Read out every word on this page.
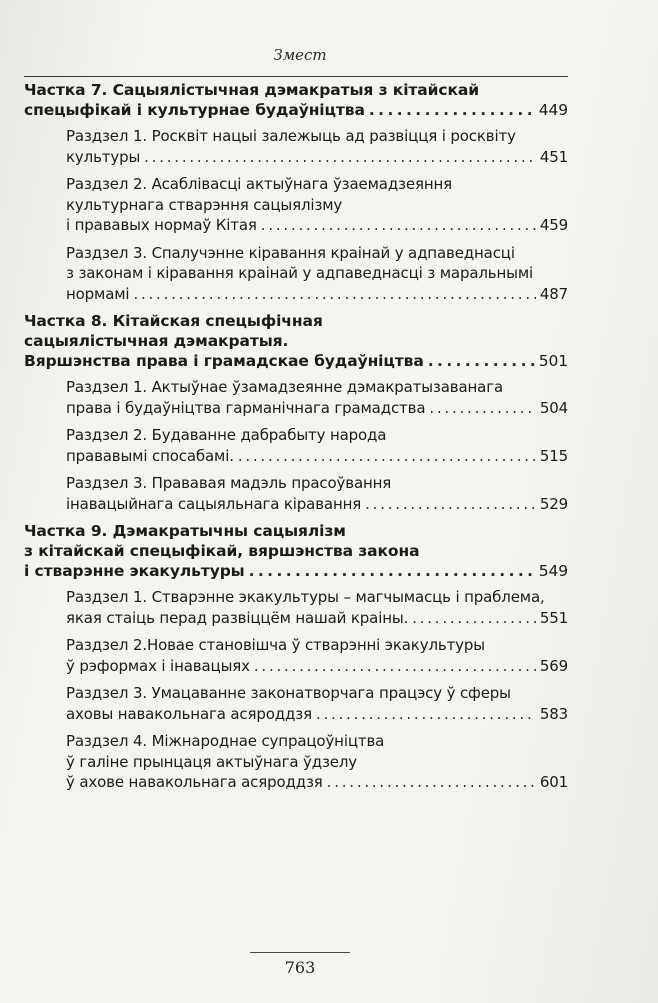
Змест
Частка 7. Сацыялістычная дэмакратыя з кітайскай
спецыфікай і культурнае будаўніцтва . . .	449
Раздзел 1. Росквіт нацыі залежыць ад развіцця і росквіту
культуры . . .	451
Раздзел 2. Асаблівасці актыўнага ўзаемадзеяння
культурнага стварэння сацыялізму
і прававых нормаў Кітая . . .	459
Раздзел 3. Спалучэнне кіравання краінай у адпаведнасці
з законам і кіравання краінай у адпаведнасці з маральнымі
нормамі . . .	487
Частка 8. Кітайская спецыфічная
сацыялістычная дэмакратыя.
Вяршэнства права і грамадскае будаўніцтва . . .	501
Раздзел 1. Актыўнае ўзамадзеянне дэмакратызаванага
права і будаўніцтва гарманічнага грамадства . . .	504
Раздзел 2. Будаванне дабрабыту народа
прававымі спосабамі. . . .	515
Раздзел 3. Прававая мадэль прасоўвання
інавацыйнага сацыяльнага кіравання . . .	529
Частка 9. Дэмакратычны сацыялізм
з кітайскай спецыфікай, вяршэнства закона
і стварэнне экакультуры . . .	549
Раздзел 1. Стварэнне экакультуры – магчымасць і праблема,
якая стаіць перад развіццём нашай краіны. . . .	551
Раздзел 2.Новае становішча ў стварэнні экакультуры
ў рэформах і інавацыях . . .	569
Раздзел 3. Умацаванне законатворчага працэсу ў сферы
аховы навакольнага асяроддзя . . .	583
Раздзел 4. Міжнароднае супрацоўніцтва
ў галіне прынцаця актыўнага ўдзелу
ў ахове навакольнага асяроддзя . . .	601
763
